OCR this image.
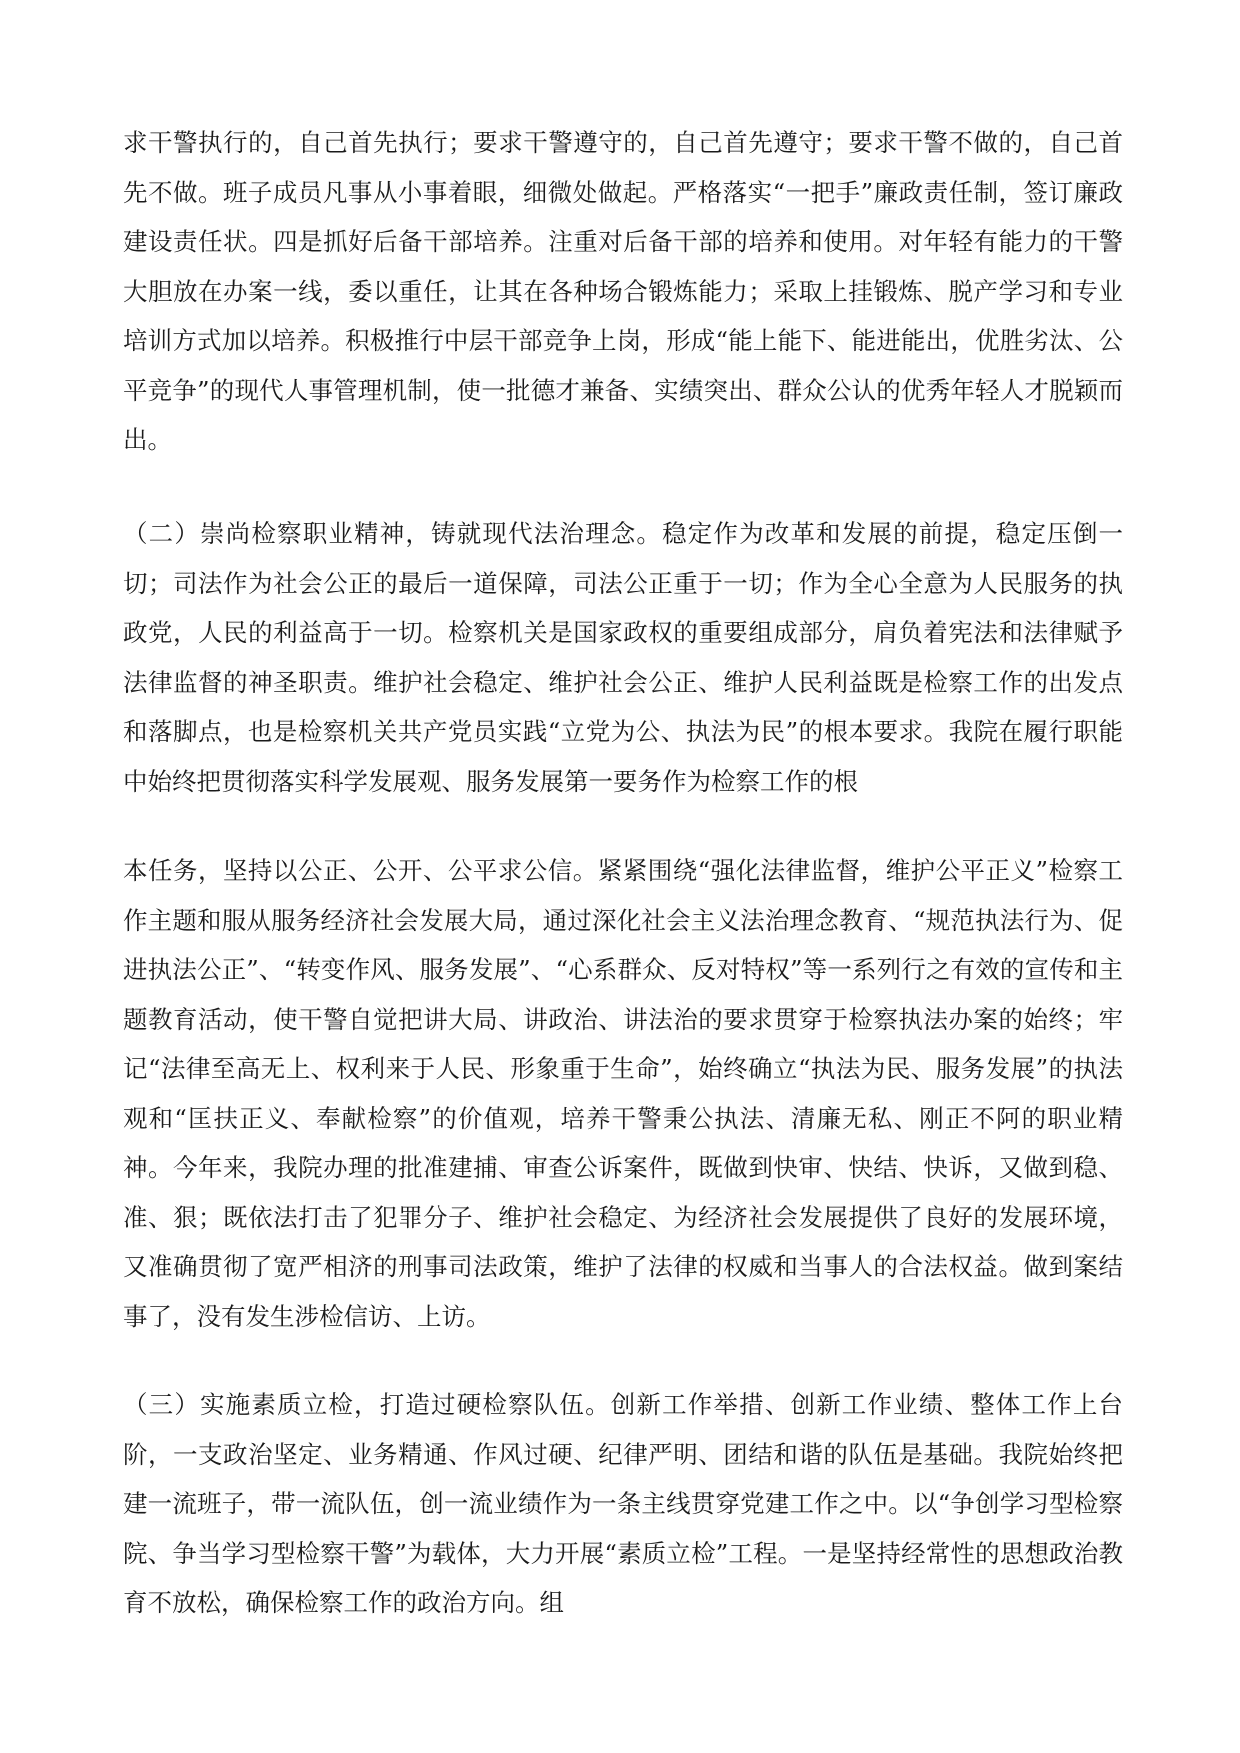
求干警执行的，自己首先执行；要求干警遵守的，自己首先遵守；要求干警不做的，自己首先不做。班子成员凡事从小事着眼，细微处做起。严格落实“一把手”廉政责任制，签订廉政建设责任状。四是抓好后备干部培养。注重对后备干部的培养和使用。对年轻有能力的干警大胆放在办案一线，委以重任，让其在各种场合锻炼能力；采取上挂锻炼、脱产学习和专业培训方式加以培养。积极推行中层干部竞争上岗，形成“能上能下、能进能出，优胜劣汰、公平竞争”的现代人事管理机制，使一批德才兼备、实绩突出、群众公认的优秀年轻人才脱颖而出。

（二）崇尚检察职业精神，铸就现代法治理念。稳定作为改革和发展的前提，稳定压倒一切；司法作为社会公正的最后一道保障，司法公正重于一切；作为全心全意为人民服务的执政党，人民的利益高于一切。检察机关是国家政权的重要组成部分，肩负着宪法和法律赋予法律监督的神圣职责。维护社会稳定、维护社会公正、维护人民利益既是检察工作的出发点和落脚点，也是检察机关共产党员实践“立党为公、执法为民”的根本要求。我院在履行职能中始终把贯彻落实科学发展观、服务发展第一要务作为检察工作的根

本任务，坚持以公正、公开、公平求公信。紧紧围绕“强化法律监督，维护公平正义”检察工作主题和服从服务经济社会发展大局，通过深化社会主义法治理念教育、“规范执法行为、促进执法公正”、“转变作风、服务发展”、“心系群众、反对特权”等一系列行之有效的宣传和主题教育活动，使干警自觉把讲大局、讲政治、讲法治的要求贯穿于检察执法办案的始终；牢记“法律至高无上、权利来于人民、形象重于生命”，始终确立“执法为民、服务发展”的执法观和“匡扶正义、奉献检察”的价值观，培养干警秉公执法、清廉无私、刚正不阿的职业精神。今年来，我院办理的批准建捕、审查公诉案件，既做到快审、快结、快诉，又做到稳、准、狠；既依法打击了犯罪分子、维护社会稳定、为经济社会发展提供了良好的发展环境，又准确贯彻了宽严相济的刑事司法政策，维护了法律的权威和当事人的合法权益。做到案结事了，没有发生涉检信访、上访。

（三）实施素质立检，打造过硬检察队伍。创新工作举措、创新工作业绩、整体工作上台阶，一支政治坚定、业务精通、作风过硬、纪律严明、团结和谐的队伍是基础。我院始终把建一流班子，带一流队伍，创一流业绩作为一条主线贯穿党建工作之中。以“争创学习型检察院、争当学习型检察干警”为载体，大力开展“素质立检”工程。一是坚持经常性的思想政治教育不放松，确保检察工作的政治方向。组
